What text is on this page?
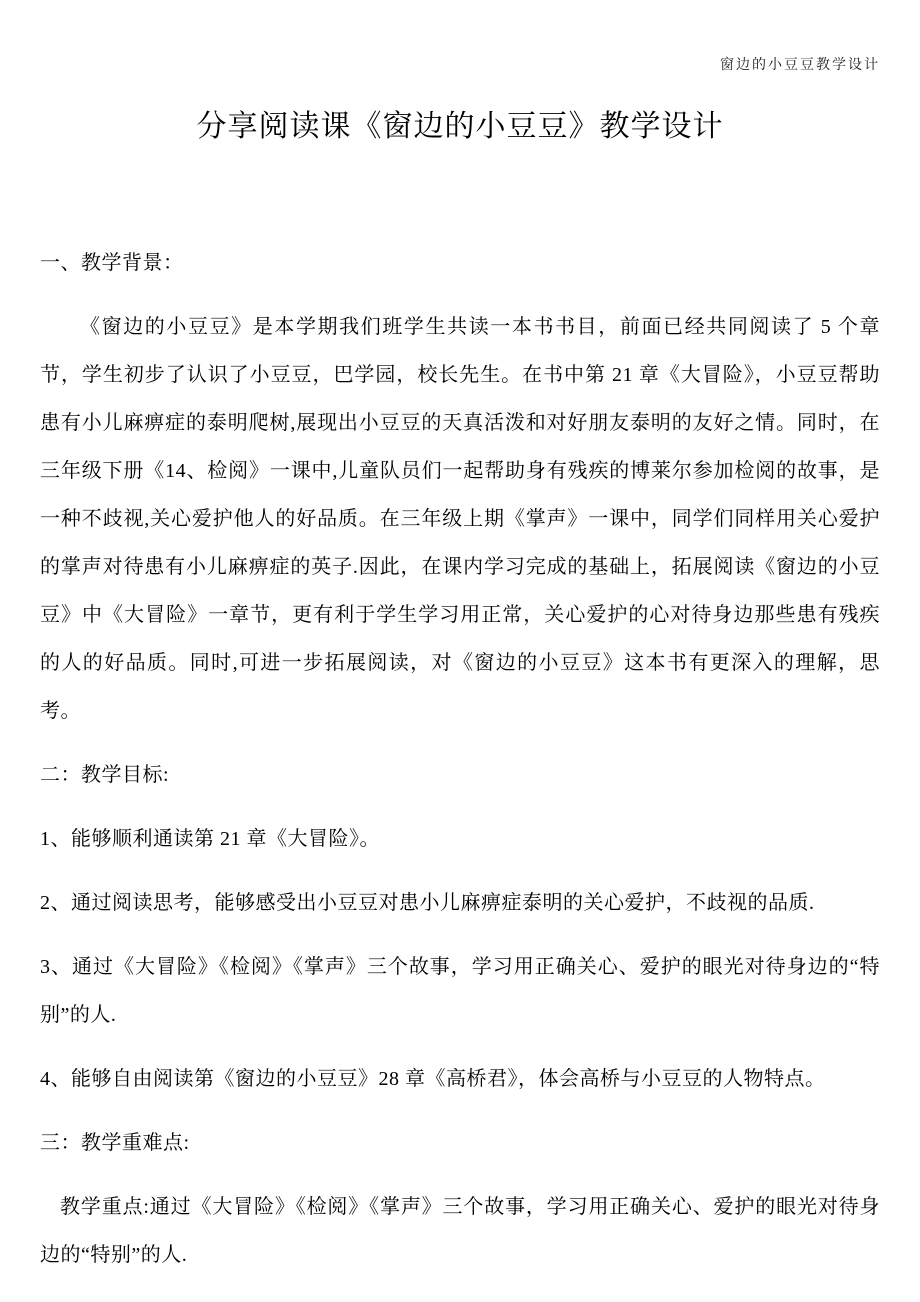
窗边的小豆豆教学设计
分享阅读课《窗边的小豆豆》教学设计
一、教学背景：

《窗边的小豆豆》是本学期我们班学生共读一本书书目，前面已经共同阅读了 5 个章节，学生初步了认识了小豆豆，巴学园，校长先生。在书中第 21 章《大冒险》，小豆豆帮助患有小儿麻痹症的泰明爬树,展现出小豆豆的天真活泼和对好朋友泰明的友好之情。同时，在三年级下册《14、检阅》一课中,儿童队员们一起帮助身有残疾的博莱尔参加检阅的故事，是一种不歧视,关心爱护他人的好品质。在三年级上期《掌声》一课中，同学们同样用关心爱护的掌声对待患有小儿麻痹症的英子.因此，在课内学习完成的基础上，拓展阅读《窗边的小豆豆》中《大冒险》一章节，更有利于学生学习用正常，关心爱护的心对待身边那些患有残疾的人的好品质。同时,可进一步拓展阅读，对《窗边的小豆豆》这本书有更深入的理解，思考。

二：教学目标:

1、能够顺利通读第 21 章《大冒险》。

2、通过阅读思考，能够感受出小豆豆对患小儿麻痹症泰明的关心爱护，不歧视的品质.

3、通过《大冒险》《检阅》《掌声》三个故事，学习用正确关心、爱护的眼光对待身边的“特别”的人.

4、能够自由阅读第《窗边的小豆豆》28 章《高桥君》，体会高桥与小豆豆的人物特点。

三：教学重难点:

教学重点:通过《大冒险》《检阅》《掌声》三个故事，学习用正确关心、爱护的眼光对待身边的“特别”的人.
